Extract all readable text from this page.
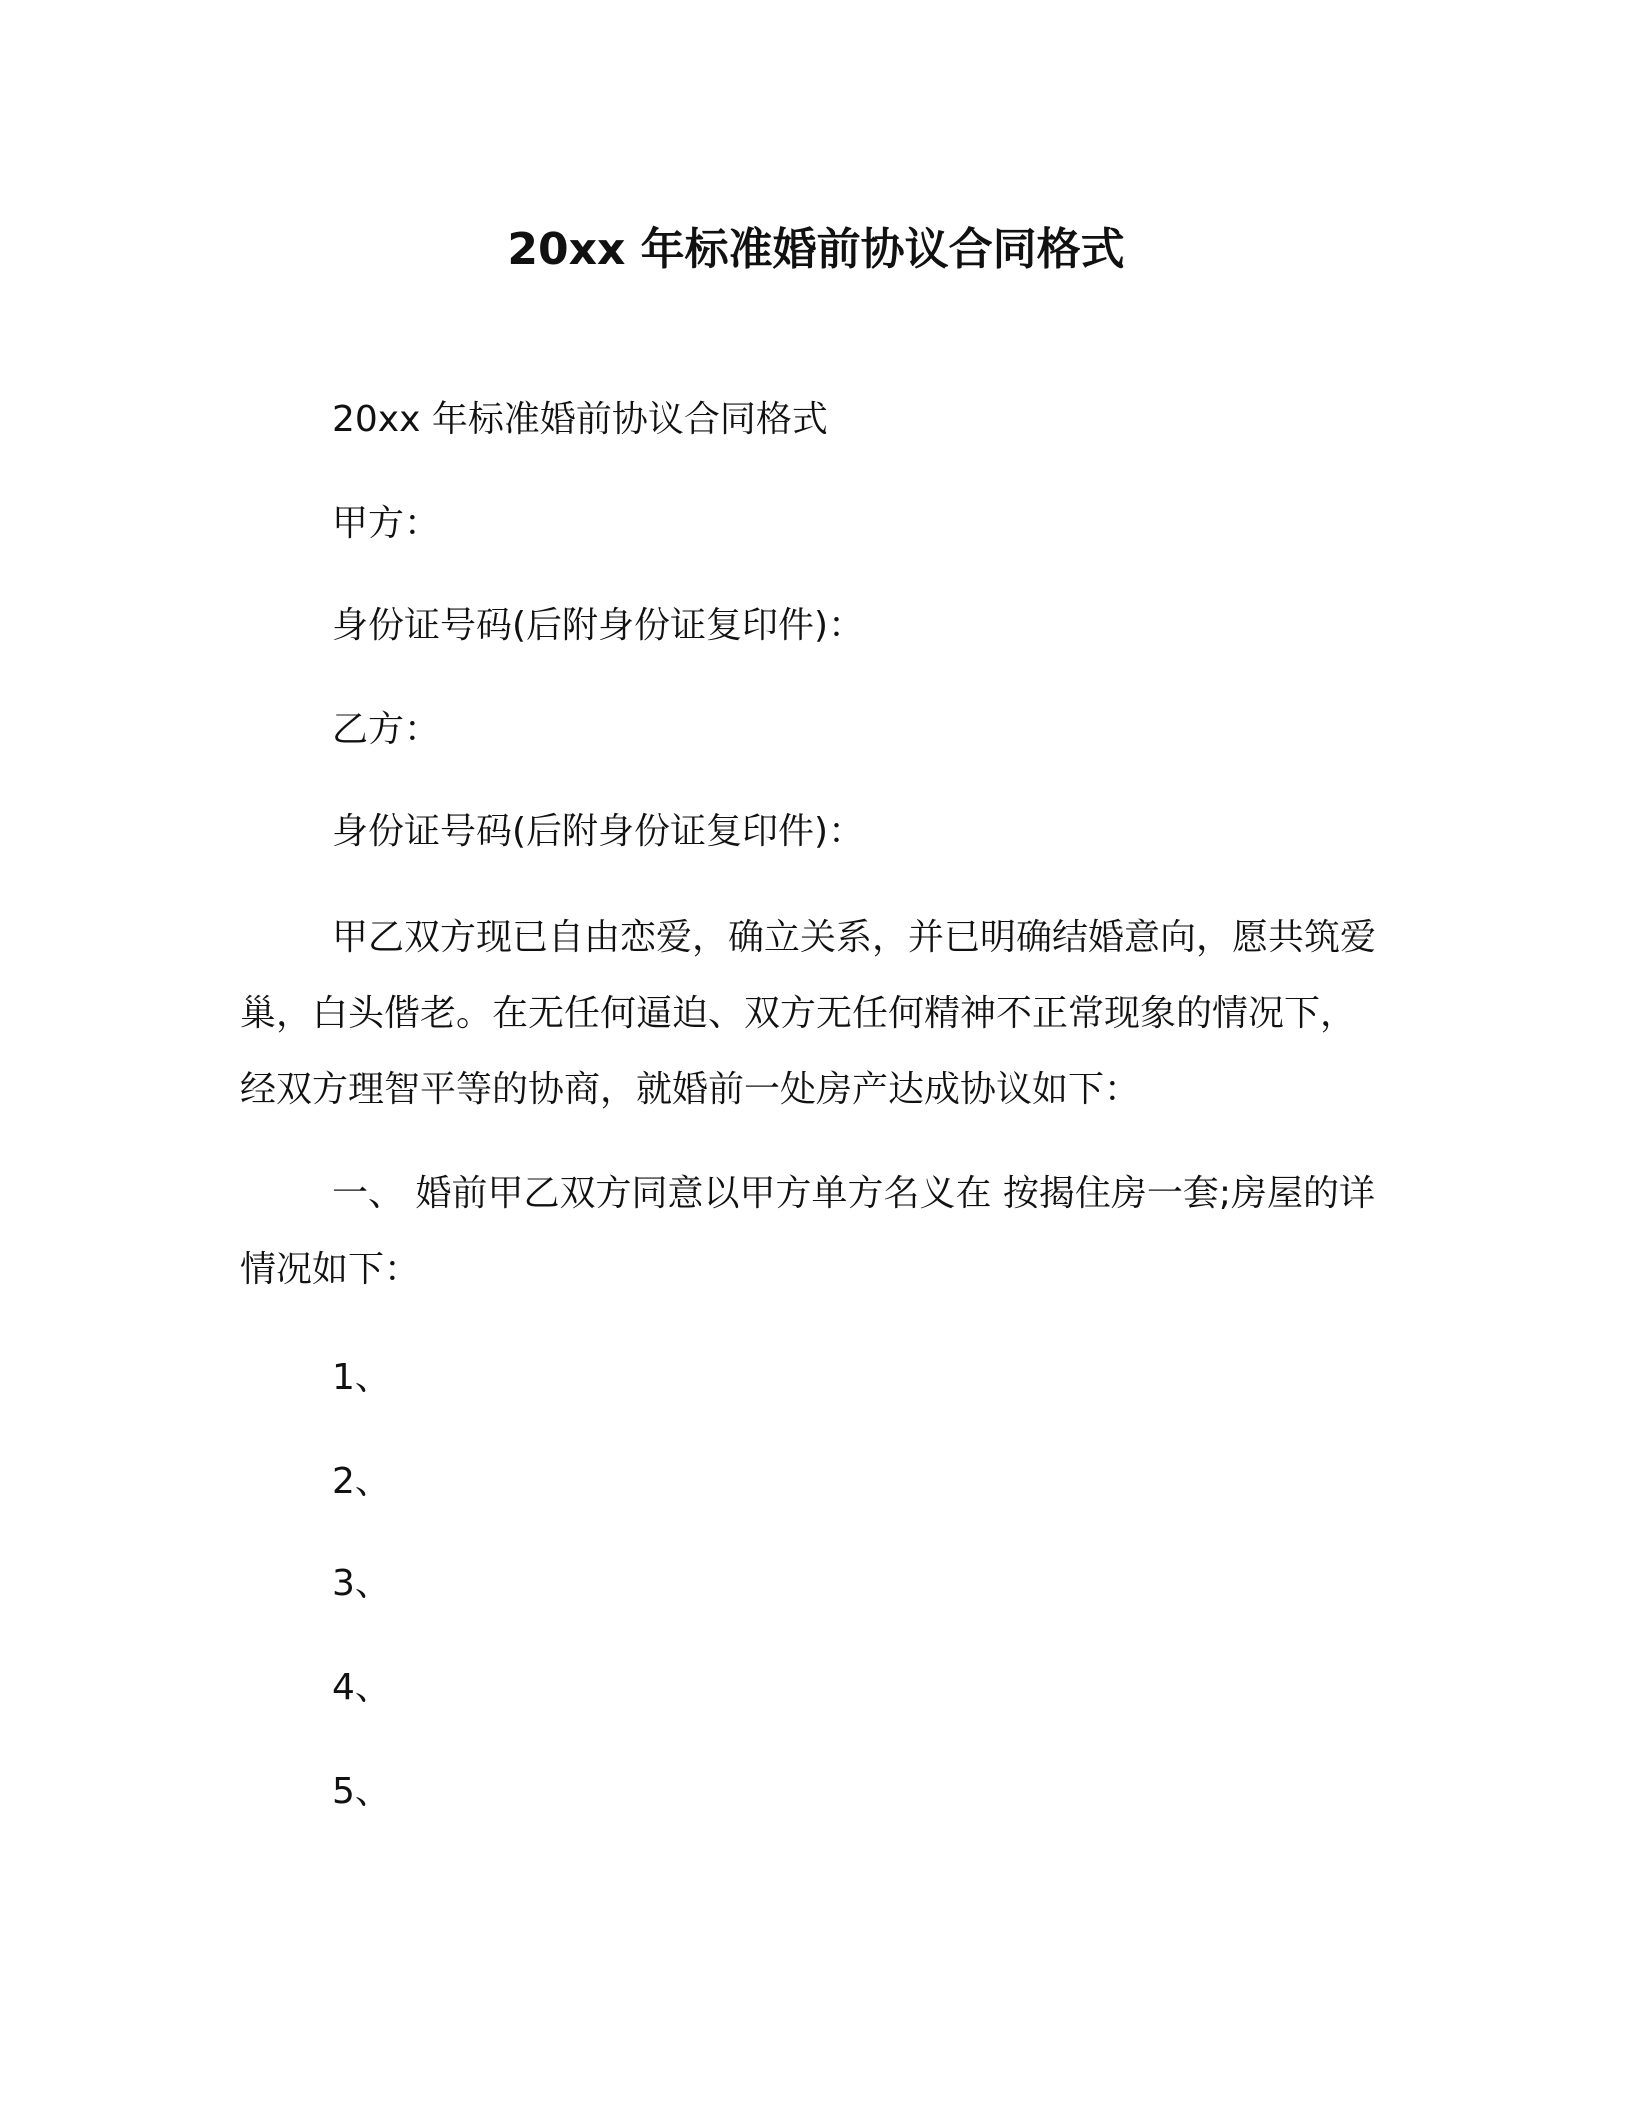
20xx 年标准婚前协议合同格式
20xx 年标准婚前协议合同格式
甲方：
身份证号码(后附身份证复印件)：
乙方：
身份证号码(后附身份证复印件)：
甲乙双方现已自由恋爱，确立关系，并已明确结婚意向，愿共筑爱巢，白头偕老。在无任何逼迫、双方无任何精神不正常现象的情况下，经双方理智平等的协商，就婚前一处房产达成协议如下：
一、 婚前甲乙双方同意以甲方单方名义在 按揭住房一套;房屋的详情况如下：
1、
2、
3、
4、
5、
